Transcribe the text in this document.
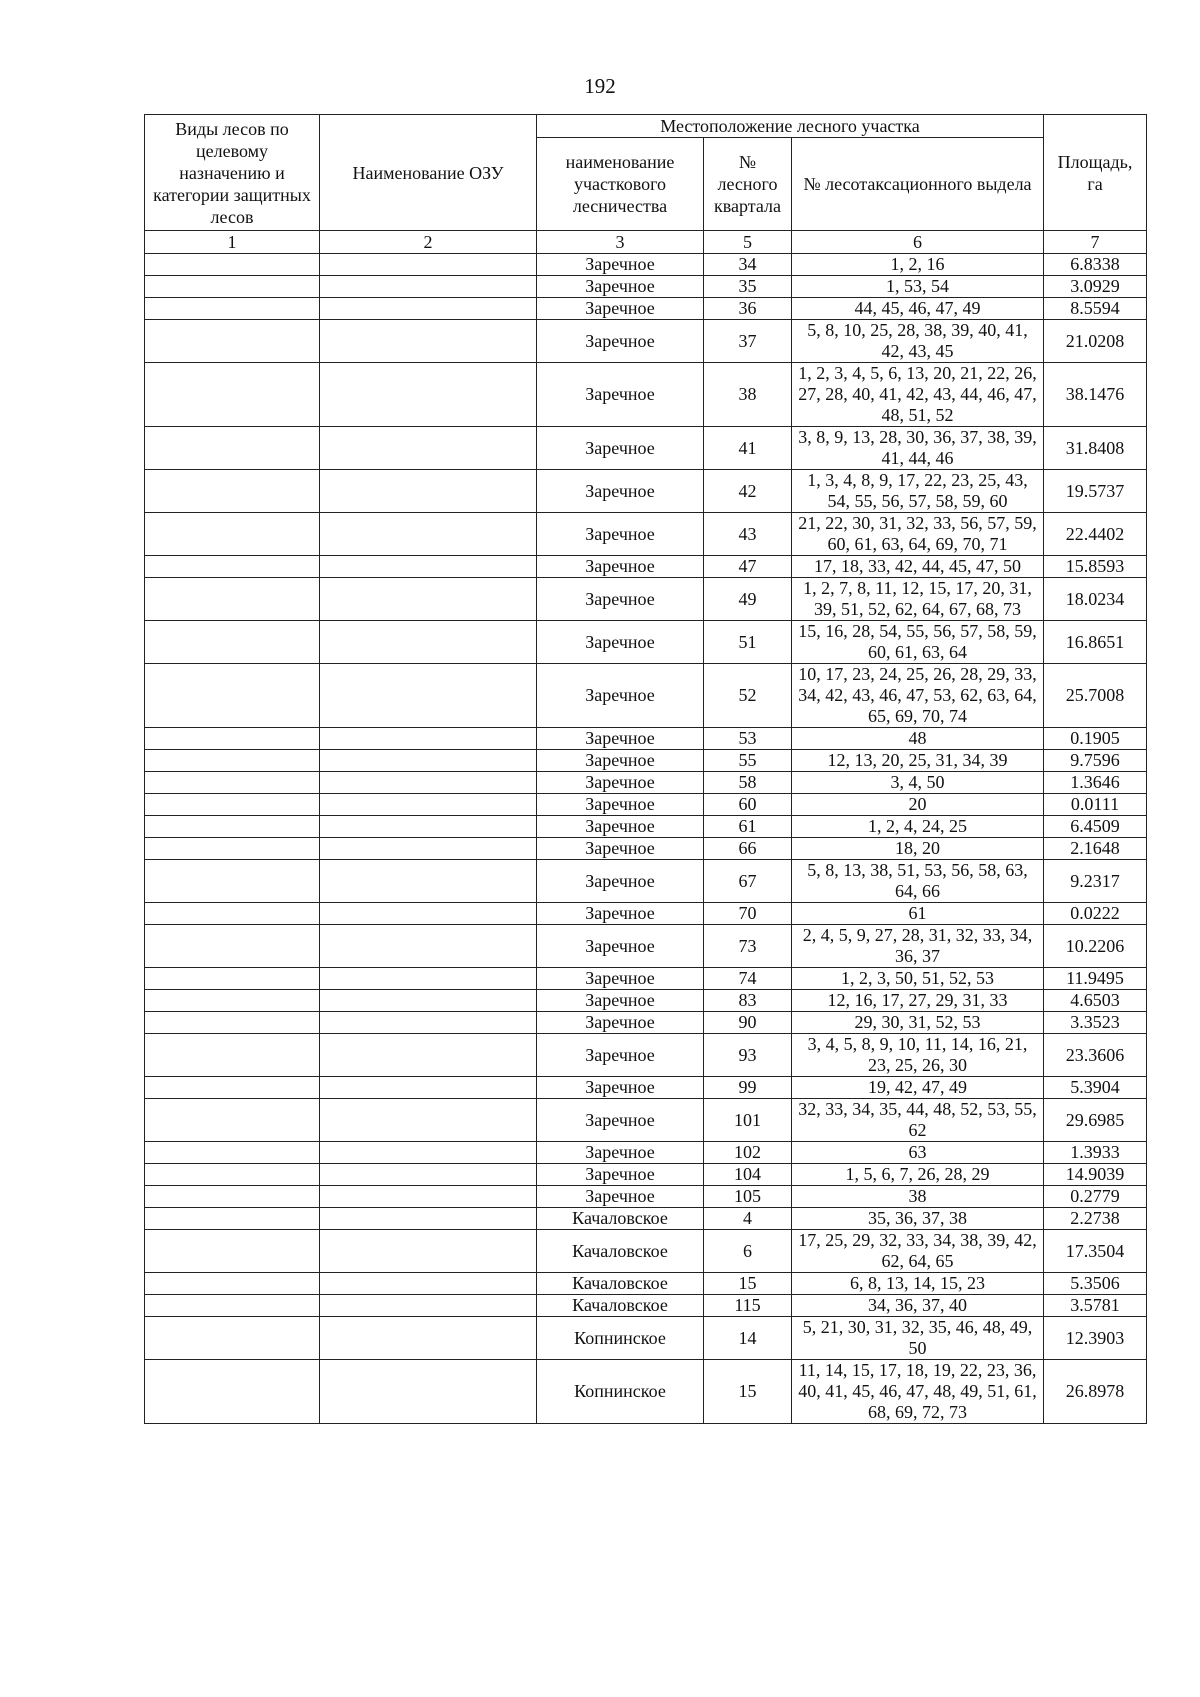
192
Виды лесов по целевому назначению и категории защитных лесов	Наименование ОЗУ	Местоположение лесного участка			Площадь, га
		наименование участкового лесничества	№ лесного квартала	№ лесотаксационного выдела	
1	2	3	5	6	7
		Заречное	34	1, 2, 16	6.8338
		Заречное	35	1, 53, 54	3.0929
		Заречное	36	44, 45, 46, 47, 49	8.5594
		Заречное	37	5, 8, 10, 25, 28, 38, 39, 40, 41, 42, 43, 45	21.0208
		Заречное	38	1, 2, 3, 4, 5, 6, 13, 20, 21, 22, 26, 27, 28, 40, 41, 42, 43, 44, 46, 47, 48, 51, 52	38.1476
		Заречное	41	3, 8, 9, 13, 28, 30, 36, 37, 38, 39, 41, 44, 46	31.8408
		Заречное	42	1, 3, 4, 8, 9, 17, 22, 23, 25, 43, 54, 55, 56, 57, 58, 59, 60	19.5737
		Заречное	43	21, 22, 30, 31, 32, 33, 56, 57, 59, 60, 61, 63, 64, 69, 70, 71	22.4402
		Заречное	47	17, 18, 33, 42, 44, 45, 47, 50	15.8593
		Заречное	49	1, 2, 7, 8, 11, 12, 15, 17, 20, 31, 39, 51, 52, 62, 64, 67, 68, 73	18.0234
		Заречное	51	15, 16, 28, 54, 55, 56, 57, 58, 59, 60, 61, 63, 64	16.8651
		Заречное	52	10, 17, 23, 24, 25, 26, 28, 29, 33, 34, 42, 43, 46, 47, 53, 62, 63, 64, 65, 69, 70, 74	25.7008
		Заречное	53	48	0.1905
		Заречное	55	12, 13, 20, 25, 31, 34, 39	9.7596
		Заречное	58	3, 4, 50	1.3646
		Заречное	60	20	0.0111
		Заречное	61	1, 2, 4, 24, 25	6.4509
		Заречное	66	18, 20	2.1648
		Заречное	67	5, 8, 13, 38, 51, 53, 56, 58, 63, 64, 66	9.2317
		Заречное	70	61	0.0222
		Заречное	73	2, 4, 5, 9, 27, 28, 31, 32, 33, 34, 36, 37	10.2206
		Заречное	74	1, 2, 3, 50, 51, 52, 53	11.9495
		Заречное	83	12, 16, 17, 27, 29, 31, 33	4.6503
		Заречное	90	29, 30, 31, 52, 53	3.3523
		Заречное	93	3, 4, 5, 8, 9, 10, 11, 14, 16, 21, 23, 25, 26, 30	23.3606
		Заречное	99	19, 42, 47, 49	5.3904
		Заречное	101	32, 33, 34, 35, 44, 48, 52, 53, 55, 62	29.6985
		Заречное	102	63	1.3933
		Заречное	104	1, 5, 6, 7, 26, 28, 29	14.9039
		Заречное	105	38	0.2779
		Качаловское	4	35, 36, 37, 38	2.2738
		Качаловское	6	17, 25, 29, 32, 33, 34, 38, 39, 42, 62, 64, 65	17.3504
		Качаловское	15	6, 8, 13, 14, 15, 23	5.3506
		Качаловское	115	34, 36, 37, 40	3.5781
		Копнинское	14	5, 21, 30, 31, 32, 35, 46, 48, 49, 50	12.3903
		Копнинское	15	11, 14, 15, 17, 18, 19, 22, 23, 36, 40, 41, 45, 46, 47, 48, 49, 51, 61, 68, 69, 72, 73	26.8978
